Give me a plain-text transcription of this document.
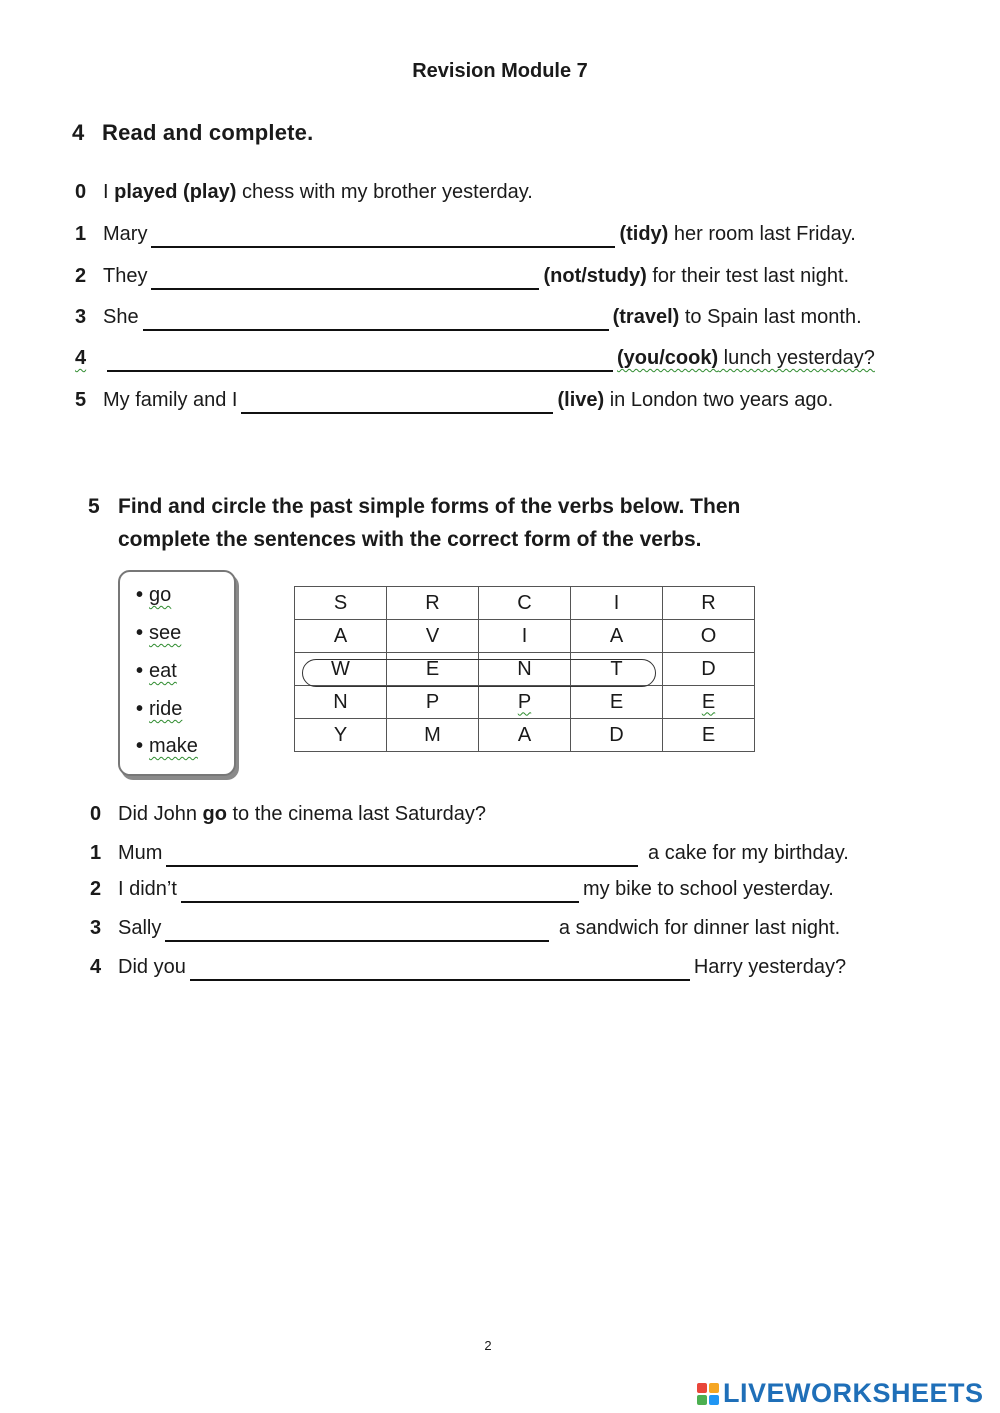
Revision Module 7
4 Read and complete.
0 I played (play) chess with my brother yesterday.
1 Mary	(tidy) her room last Friday.
2 They	(not/study) for their test last night.
3 She	(travel) to Spain last month.
4	(you/cook) lunch yesterday?
5 My family and I	(live) in London two years ago.
5 Find and circle the past simple forms of the verbs below. Then
complete the sentences with the correct form of the verbs.
• go
• see
• eat
• ride
• make
S	R	C	I	R
A	V	I	A	O
W	E	N	T	D
N	P	P	E	E
Y	M	A	D	E
0 Did John go to the cinema last Saturday?
1 Mum	a cake for my birthday.
2 I didn’t	my bike to school yesterday.
3 Sally	a sandwich for dinner last night.
4 Did you	Harry yesterday?
2
LIVEWORKSHEETS
